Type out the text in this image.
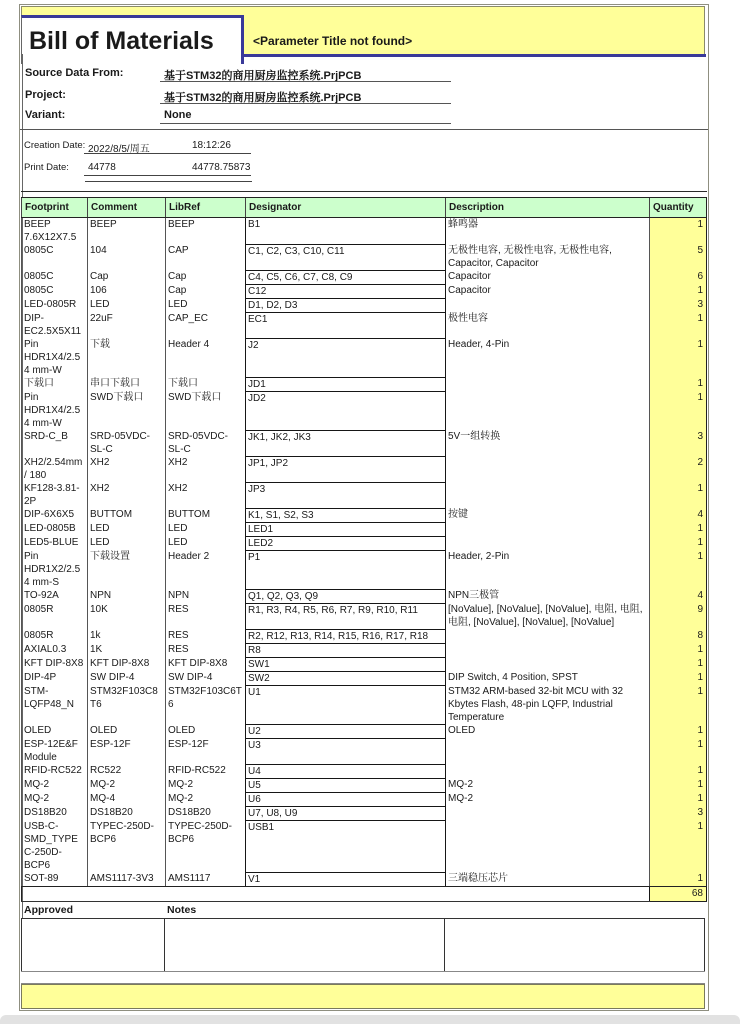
Bill of Materials	<Parameter Title not found>
Source Data From:	基于STM32的商用厨房监控系统.PrjPCB
Project:	基于STM32的商用厨房监控系统.PrjPCB
Variant:	None
Creation Date: 2022/8/5/周五	18:12:26
Print Date: 44778	44778.75873
Footprint	Comment	LibRef	Designator	Description	Quantity
BEEP 7.6X12X7.5	BEEP	BEEP	B1	蜂鸣器	1
0805C	104	CAP	C1, C2, C3, C10, C11	无极性电容, 无极性电容, 无极性电容, Capacitor, Capacitor	5
0805C	Cap	Cap	C4, C5, C6, C7, C8, C9	Capacitor	6
0805C	106	Cap	C12	Capacitor	1
LED-0805R	LED	LED	D1, D2, D3		3
DIP-EC2.5X5X11	22uF	CAP_EC	EC1	极性电容	1
Pin HDR1X4/2.54 mm-W	下载	Header 4	J2	Header, 4-Pin	1
下载口	串口下载口	下载口	JD1		1
Pin HDR1X4/2.54 mm-W	SWD下载口	SWD下载口	JD2		1
SRD-C_B	SRD-05VDC-SL-C	SRD-05VDC-SL-C	JK1, JK2, JK3	5V一组转换	3
XH2/2.54mm/ 180	XH2	XH2	JP1, JP2		2
KF128-3.81-2P	XH2	XH2	JP3		1
DIP-6X6X5	BUTTOM	BUTTOM	K1, S1, S2, S3	按键	4
LED-0805B	LED	LED	LED1		1
LED5-BLUE	LED	LED	LED2		1
Pin HDR1X2/2.54 mm-S	下载设置	Header 2	P1	Header, 2-Pin	1
TO-92A	NPN	NPN	Q1, Q2, Q3, Q9	NPN三极管	4
0805R	10K	RES	R1, R3, R4, R5, R6, R7, R9, R10, R11	[NoValue], [NoValue], [NoValue], 电阻, 电阻, 电阻, [NoValue], [NoValue], [NoValue]	9
0805R	1k	RES	R2, R12, R13, R14, R15, R16, R17, R18		8
AXIAL0.3	1K	RES	R8		1
KFT DIP-8X8	KFT DIP-8X8	KFT DIP-8X8	SW1		1
DIP-4P	SW DIP-4	SW DIP-4	SW2	DIP Switch, 4 Position, SPST	1
STM-LQFP48_N	STM32F103C8T6	STM32F103C6T6	U1	STM32 ARM-based 32-bit MCU with 32 Kbytes Flash, 48-pin LQFP, Industrial Temperature	1
OLED	OLED	OLED	U2	OLED	1
ESP-12E&F Module	ESP-12F	ESP-12F	U3		1
RFID-RC522	RC522	RFID-RC522	U4		1
MQ-2	MQ-2	MQ-2	U5	MQ-2	1
MQ-2	MQ-4	MQ-2	U6	MQ-2	1
DS18B20	DS18B20	DS18B20	U7, U8, U9		3
USB-C-SMD_TYPEC-250D-BCP6	TYPEC-250D-BCP6	TYPEC-250D-BCP6	USB1		1
SOT-89	AMS1117-3V3	AMS1117	V1	三端稳压芯片	1
					68
Approved	Notes
